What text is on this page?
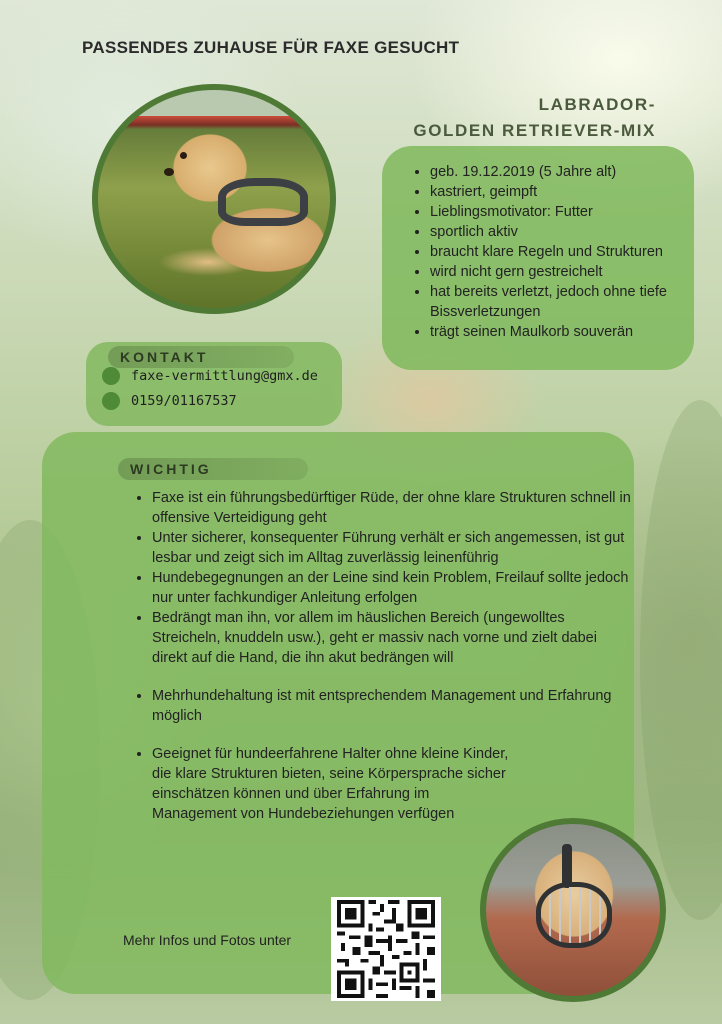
PASSENDES ZUHAUSE FÜR FAXE GESUCHT
LABRADOR-
GOLDEN RETRIEVER-MIX
• geb. 19.12.2019 (5 Jahre alt)
• kastriert, geimpft
• Lieblingsmotivator: Futter
• sportlich aktiv
• braucht klare Regeln und Strukturen
• wird nicht gern gestreichelt
• hat bereits verletzt, jedoch ohne tiefe Bissverletzungen
• trägt seinen Maulkorb souverän
KONTAKT
faxe-vermittlung@gmx.de
0159/01167537
WICHTIG
• Faxe ist ein führungsbedürftiger Rüde, der ohne klare Strukturen schnell in offensive Verteidigung geht
• Unter sicherer, konsequenter Führung verhält er sich angemessen, ist gut lesbar und zeigt sich im Alltag zuverlässig leinenführig
• Hundebegegnungen an der Leine sind kein Problem, Freilauf sollte jedoch nur unter fachkundiger Anleitung erfolgen
• Bedrängt man ihn, vor allem im häuslichen Bereich (ungewolltes Streicheln, knuddeln usw.), geht er massiv nach vorne und zielt dabei direkt auf die Hand, die ihn akut bedrängen will
• Mehrhundehaltung ist mit entsprechendem Management und Erfahrung möglich
• Geeignet für hundeerfahrene Halter ohne kleine Kinder, die klare Strukturen bieten, seine Körpersprache sicher einschätzen können und über Erfahrung im Management von Hundebeziehungen verfügen
Mehr Infos und Fotos unter
